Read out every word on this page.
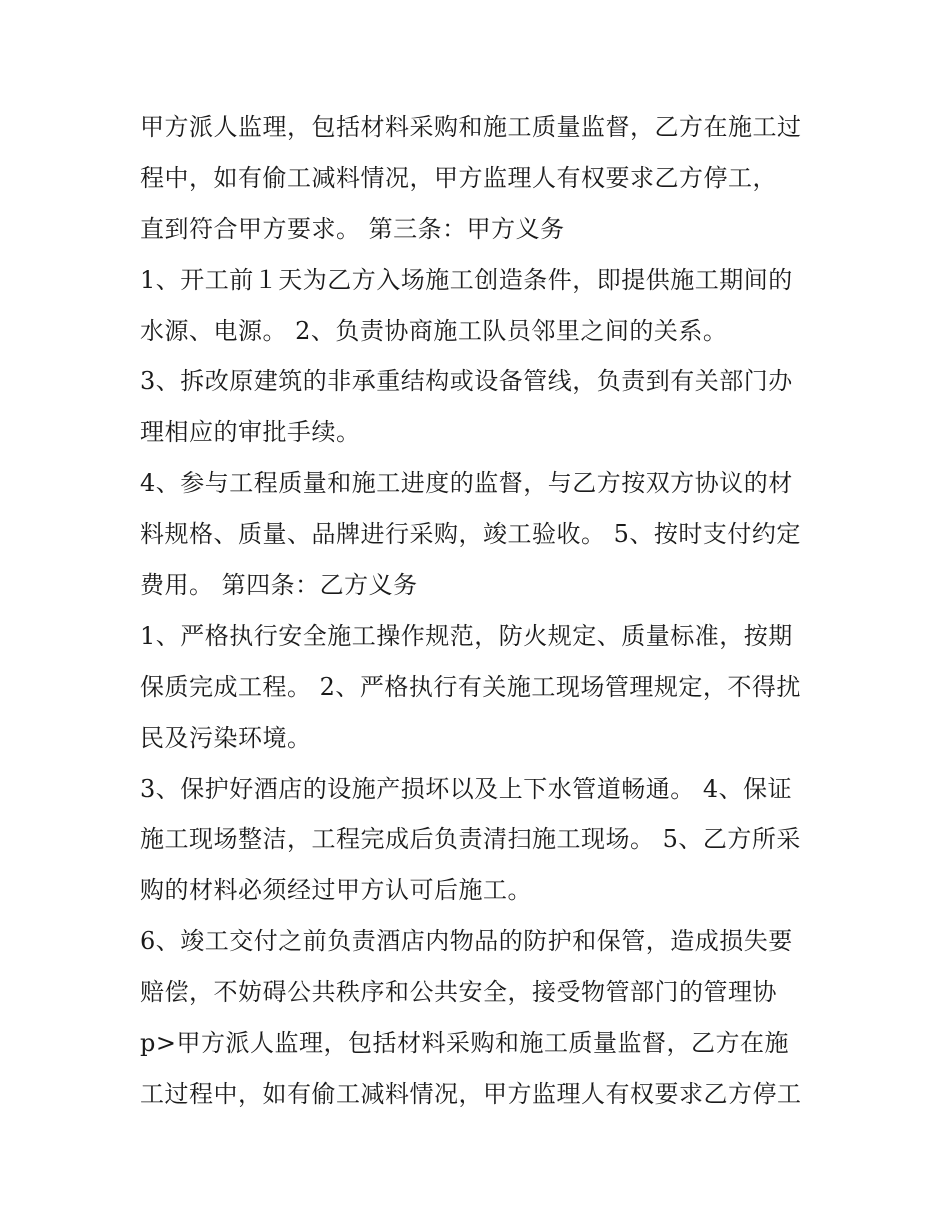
甲方派人监理，包括材料采购和施工质量监督，乙方在施工过
程中，如有偷工减料情况，甲方监理人有权要求乙方停工，
直到符合甲方要求。 第三条：甲方义务
1、开工前１天为乙方入场施工创造条件，即提供施工期间的
水源、电源。 2、负责协商施工队员邻里之间的关系。
3、拆改原建筑的非承重结构或设备管线，负责到有关部门办
理相应的审批手续。
4、参与工程质量和施工进度的监督，与乙方按双方协议的材
料规格、质量、品牌进行采购，竣工验收。 5、按时支付约定
费用。 第四条：乙方义务
1、严格执行安全施工操作规范，防火规定、质量标准，按期
保质完成工程。 2、严格执行有关施工现场管理规定，不得扰
民及污染环境。
3、保护好酒店的设施产损坏以及上下水管道畅通。 4、保证
施工现场整洁，工程完成后负责清扫施工现场。 5、乙方所采
购的材料必须经过甲方认可后施工。
6、竣工交付之前负责酒店内物品的防护和保管，造成损失要
赔偿，不妨碍公共秩序和公共安全，接受物管部门的管理协
p>甲方派人监理，包括材料采购和施工质量监督，乙方在施
工过程中，如有偷工减料情况，甲方监理人有权要求乙方停工
